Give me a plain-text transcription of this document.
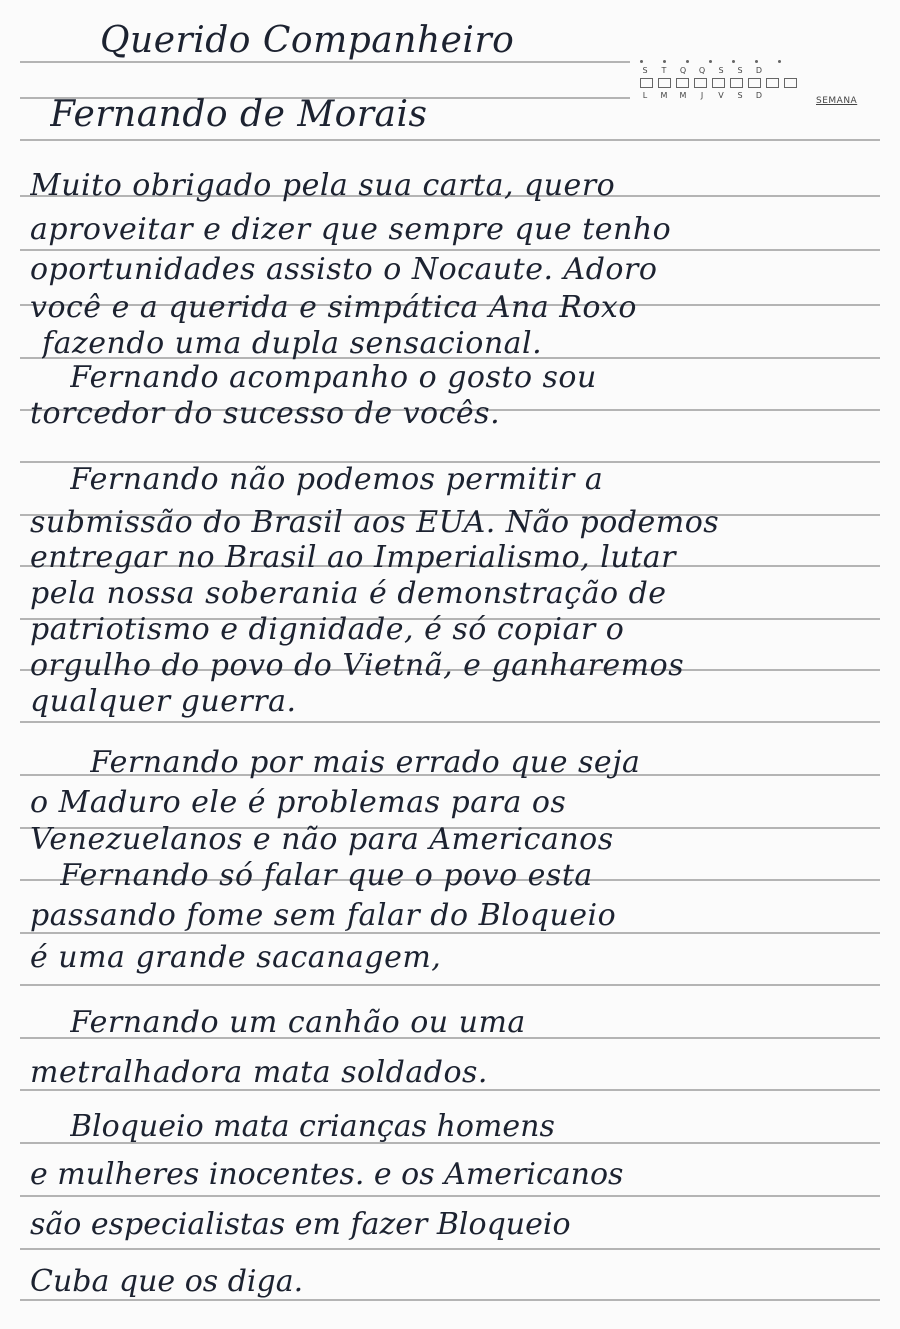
S	T	Q Q	S	S	D
L	M M	J	V	S	D
SEMANA
Querido Companheiro
Fernando de Morais
Muito obrigado pela sua carta, quero
aproveitar e dizer que sempre que tenho
oportunidades assisto o Nocaute. Adoro
você e a querida e simpática Ana Roxo
fazendo uma dupla sensacional.
Fernando acompanho o gosto sou
torcedor do sucesso de vocês.
Fernando não podemos permitir a
submissão do Brasil aos EUA. Não podemos
entregar no Brasil ao Imperialismo, lutar
pela nossa soberania é demonstração de
patriotismo e dignidade, é só copiar o
orgulho do povo do Vietnã, e ganharemos
qualquer guerra.
Fernando por mais errado que seja
o Maduro ele é problemas para os
Venezuelanos e não para Americanos
Fernando só falar que o povo esta
passando fome sem falar do Bloqueio
é uma grande sacanagem,
Fernando um canhão ou uma
metralhadora mata soldados.
Bloqueio mata crianças homens
e mulheres inocentes. e os Americanos
são especialistas em fazer Bloqueio
Cuba que os diga.
